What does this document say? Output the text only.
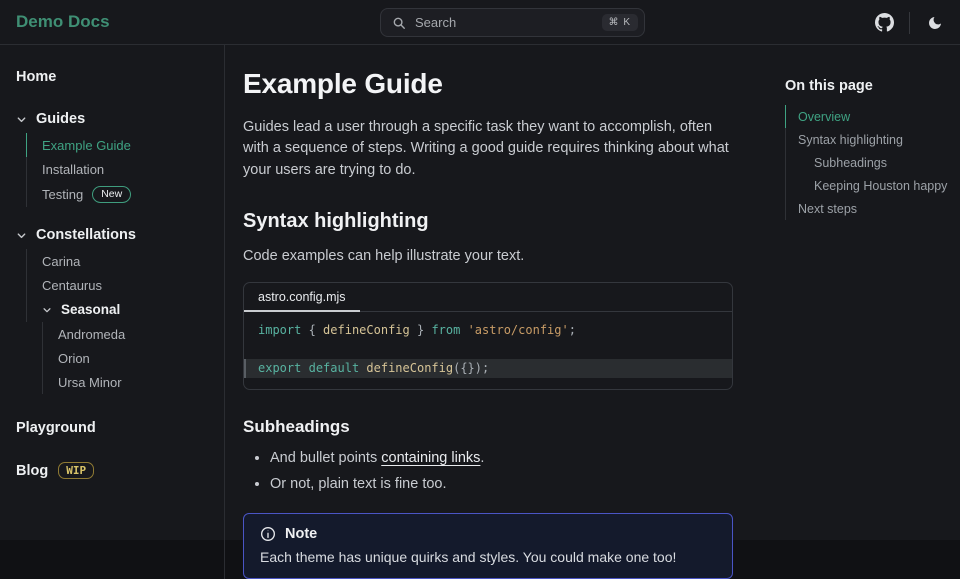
Demo Docs	Search	⌘ K
Home
Guides
Example Guide
Installation
Testing	New
Constellations
Carina
Centaurus
Seasonal
Andromeda
Orion
Ursa Minor
Playground
Blog	WIP
Example Guide

Guides lead a user through a specific task they want to accomplish, often with a sequence of steps. Writing a good guide requires thinking about what your users are trying to do.

Syntax highlighting

Code examples can help illustrate your text.

astro.config.mjs
import { defineConfig } from 'astro/config';
export default defineConfig({});
Subheadings
• And bullet points containing links.
• Or not, plain text is fine too.
Note

Each theme has unique quirks and styles. You could make one too!

On this page
Overview
Syntax highlighting
Subheadings
Keeping Houston happy
Next steps
